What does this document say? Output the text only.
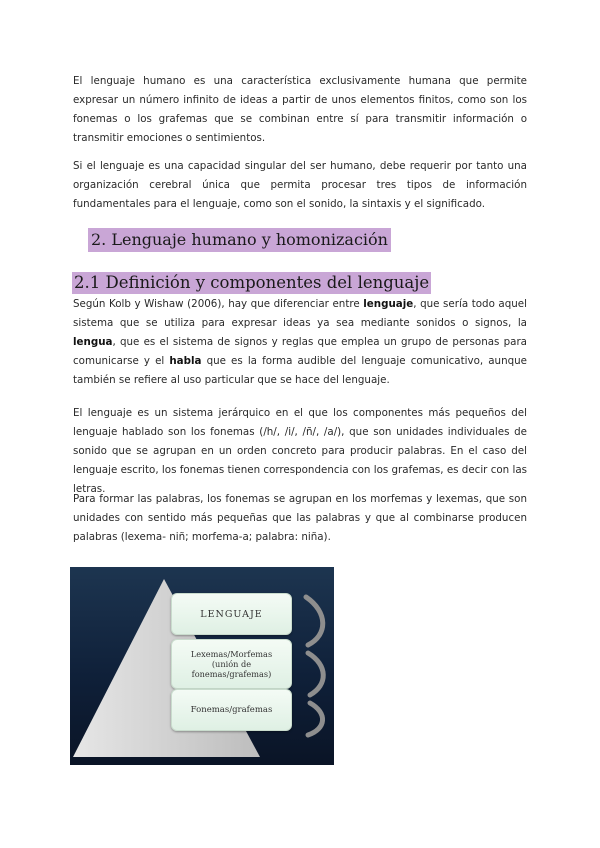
El lenguaje humano es una característica exclusivamente humana que permite expresar un número infinito de ideas a partir de unos elementos finitos, como son los fonemas o los grafemas que se combinan entre sí para transmitir información o transmitir emociones o sentimientos.

Si el lenguaje es una capacidad singular del ser humano, debe requerir por tanto una organización cerebral única que permita procesar tres tipos de información fundamentales para el lenguaje, como son el sonido, la sintaxis y el significado.

2. Lenguaje humano y homonización
2.1 Definición y componentes del lenguaje

Según Kolb y Wishaw (2006), hay que diferenciar entre lenguaje, que sería todo aquel sistema que se utiliza para expresar ideas ya sea mediante sonidos o signos, la lengua, que es el sistema de signos y reglas que emplea un grupo de personas para comunicarse y el habla que es la forma audible del lenguaje comunicativo, aunque también se refiere al uso particular que se hace del lenguaje.

El lenguaje es un sistema jerárquico en el que los componentes más pequeños del lenguaje hablado son los fonemas (/h/, /i/, /ñ/, /a/), que son unidades individuales de sonido que se agrupan en un orden concreto para producir palabras. En el caso del lenguaje escrito, los fonemas tienen correspondencia con los grafemas, es decir con las letras.

Para formar las palabras, los fonemas se agrupan en los morfemas y lexemas, que son unidades con sentido más pequeñas que las palabras y que al combinarse producen palabras (lexema- niñ; morfema-a; palabra: niña).

LENGUAJE
Lexemas/Morfemas
(unión de
fonemas/grafemas)
Fonemas/grafemas
